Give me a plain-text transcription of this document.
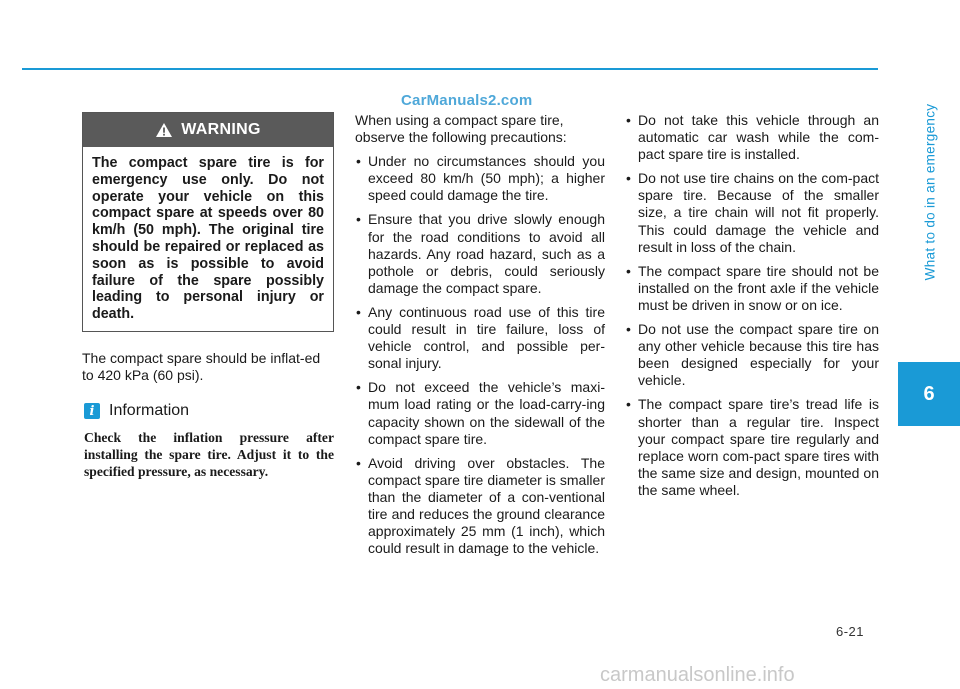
CarManuals2.com
What to do in an emergency
6
WARNING
The compact spare tire is for emergency use only. Do not operate your vehicle on this compact spare at speeds over 80 km/h (50 mph). The original tire should be repaired or replaced as soon as is possible to avoid failure of the spare possibly leading to personal injury or death.
The compact spare should be inflat-ed to 420 kPa (60 psi).
i Information
Check the inflation pressure after installing the spare tire. Adjust it to the specified pressure, as necessary.

When using a compact spare tire, observe the following precautions:

• Under no circumstances should you exceed 80 km/h (50 mph); a higher speed could damage the tire.
• Ensure that you drive slowly enough for the road conditions to avoid all hazards. Any road hazard, such as a pothole or debris, could seriously damage the compact spare.
• Any continuous road use of this tire could result in tire failure, loss of vehicle control, and possible per-sonal injury.
• Do not exceed the vehicle’s maxi-mum load rating or the load-carry-ing capacity shown on the sidewall of the compact spare tire.
• Avoid driving over obstacles. The compact spare tire diameter is smaller than the diameter of a con-ventional tire and reduces the ground clearance approximately 25 mm (1 inch), which could result in damage to the vehicle.
• Do not take this vehicle through an automatic car wash while the com-pact spare tire is installed.
• Do not use tire chains on the com-pact spare tire. Because of the smaller size, a tire chain will not fit properly. This could damage the vehicle and result in loss of the chain.
• The compact spare tire should not be installed on the front axle if the vehicle must be driven in snow or on ice.
• Do not use the compact spare tire on any other vehicle because this tire has been designed especially for your vehicle.
• The compact spare tire’s tread life is shorter than a regular tire. Inspect your compact spare tire regularly and replace worn com-pact spare tires with the same size and design, mounted on the same wheel.
6-21
carmanualsonline.info
